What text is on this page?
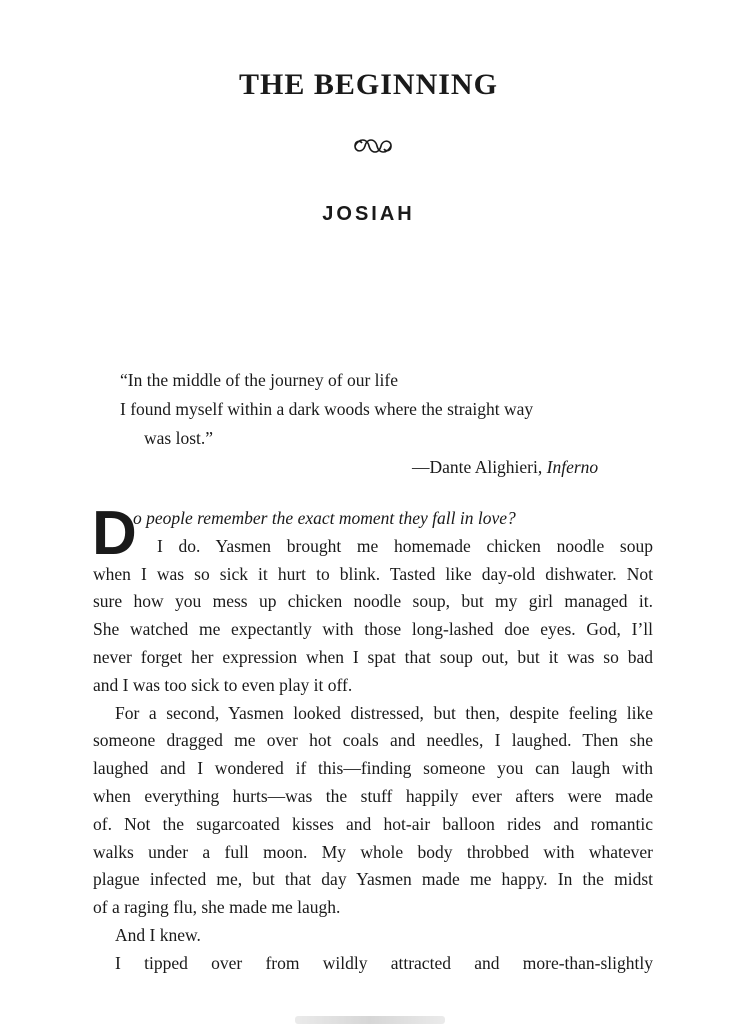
THE BEGINNING
JOSIAH
“In the middle of the journey of our life
I found myself within a dark woods where the straight way
was lost.”
—Dante Alighieri, Inferno
D
o people remember the exact moment they fall in love?
I do. Yasmen brought me homemade chicken noodle soup
when I was so sick it hurt to blink. Tasted like day-old dishwater. Not
sure how you mess up chicken noodle soup, but my girl managed it.
She watched me expectantly with those long-lashed doe eyes. God, I’ll
never forget her expression when I spat that soup out, but it was so bad
and I was too sick to even play it off.
For a second, Yasmen looked distressed, but then, despite feeling like
someone dragged me over hot coals and needles, I laughed. Then she
laughed and I wondered if this—finding someone you can laugh with
when everything hurts—was the stuff happily ever afters were made
of. Not the sugarcoated kisses and hot-air balloon rides and romantic
walks under a full moon. My whole body throbbed with whatever
plague infected me, but that day Yasmen made me happy. In the midst
of a raging flu, she made me laugh.
And I knew.
I tipped over from wildly attracted and more-than-slightly
